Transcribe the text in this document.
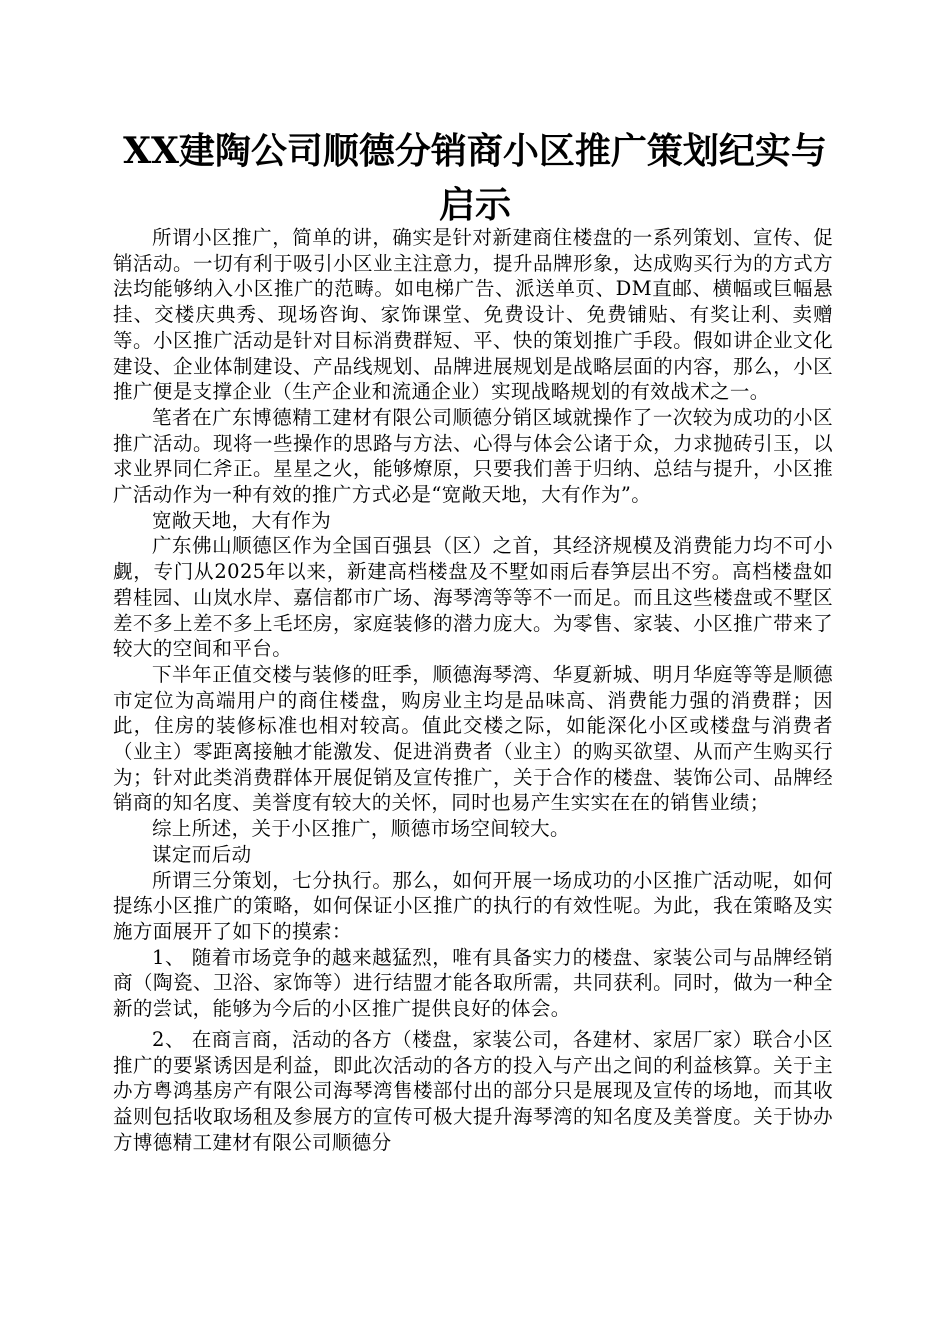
XX建陶公司顺德分销商小区推广策划纪实与启示

所谓小区推广，简单的讲，确实是针对新建商住楼盘的一系列策划、宣传、促销活动。一切有利于吸引小区业主注意力，提升品牌形象，达成购买行为的方式方法均能够纳入小区推广的范畴。如电梯广告、派送单页、DM直邮、横幅或巨幅悬挂、交楼庆典秀、现场咨询、家饰课堂、免费设计、免费铺贴、有奖让利、卖赠等。小区推广活动是针对目标消费群短、平、快的策划推广手段。假如讲企业文化建设、企业体制建设、产品线规划、品牌进展规划是战略层面的内容，那么，小区推广便是支撑企业（生产企业和流通企业）实现战略规划的有效战术之一。

笔者在广东博德精工建材有限公司顺德分销区域就操作了一次较为成功的小区推广活动。现将一些操作的思路与方法、心得与体会公诸于众，力求抛砖引玉，以求业界同仁斧正。星星之火，能够燎原，只要我们善于归纳、总结与提升，小区推广活动作为一种有效的推广方式必是“宽敞天地，大有作为”。

宽敞天地，大有作为

广东佛山顺德区作为全国百强县（区）之首，其经济规模及消费能力均不可小觑，专门从2025年以来，新建高档楼盘及不墅如雨后春笋层出不穷。高档楼盘如碧桂园、山岚水岸、嘉信都市广场、海琴湾等等不一而足。而且这些楼盘或不墅区差不多上差不多上毛坯房，家庭装修的潜力庞大。为零售、家装、小区推广带来了较大的空间和平台。

下半年正值交楼与装修的旺季，顺德海琴湾、华夏新城、明月华庭等等是顺德市定位为高端用户的商住楼盘，购房业主均是品味高、消费能力强的消费群；因此，住房的装修标准也相对较高。值此交楼之际，如能深化小区或楼盘与消费者（业主）零距离接触才能激发、促进消费者（业主）的购买欲望、从而产生购买行为；针对此类消费群体开展促销及宣传推广，关于合作的楼盘、装饰公司、品牌经销商的知名度、美誉度有较大的关怀，同时也易产生实实在在的销售业绩；

综上所述，关于小区推广，顺德市场空间较大。

谋定而后动

所谓三分策划，七分执行。那么，如何开展一场成功的小区推广活动呢，如何提练小区推广的策略，如何保证小区推广的执行的有效性呢。为此，我在策略及实施方面展开了如下的摸索：

1、 随着市场竞争的越来越猛烈，唯有具备实力的楼盘、家装公司与品牌经销商（陶瓷、卫浴、家饰等）进行结盟才能各取所需，共同获利。同时，做为一种全新的尝试，能够为今后的小区推广提供良好的体会。

2、 在商言商，活动的各方（楼盘，家装公司，各建材、家居厂家）联合小区推广的要紧诱因是利益，即此次活动的各方的投入与产出之间的利益核算。关于主办方粤鸿基房产有限公司海琴湾售楼部付出的部分只是展现及宣传的场地，而其收益则包括收取场租及参展方的宣传可极大提升海琴湾的知名度及美誉度。关于协办方博德精工建材有限公司顺德分
